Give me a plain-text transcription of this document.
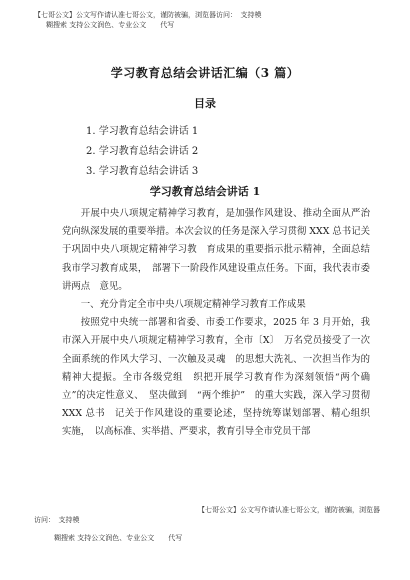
【七哥公文】公文写作请认准七哥公文，谨防被骗，浏览器访问：　支持模
糊搜索 支持公文润色、专业公文　　代写
学习教育总结会讲话汇编（3 篇）
目录
1. 学习教育总结会讲话 1
2. 学习教育总结会讲话 2
3. 学习教育总结会讲话 3
学习教育总结会讲话 1

开展中央八项规定精神学习教育，是加强作风建设、推动全面从严治党向纵深发展的重要举措。本次会议的任务是深入学习贯彻 XXX 总书记关于巩固中央八项规定精神学习教　育成果的重要指示批示精神，全面总结我市学习教育成果，　部署下一阶段作风建设重点任务。下面，我代表市委讲两点　意见。

一、充分肯定全市中央八项规定精神学习教育工作成果

按照党中央统一部署和省委、市委工作要求，2025 年 3 月开始，我市深入开展中央八项规定精神学习教育，全市〔X〕　万名党员接受了一次全面系统的作风大学习、一次触及灵魂　的思想大洗礼、一次担当作为的精神大提振。全市各级党组　织把开展学习教育作为深刻领悟“两个确立”的决定性意义、　坚决做到　“两个维护”　的重大实践，深入学习贯彻 XXX 总书　记关于作风建设的重要论述，坚持统筹谋划部署、精心组织　实施，　以高标准、实举措、严要求，教育引导全市党员干部

【七哥公文】公文写作请认准七哥公文，谨防被骗，浏览器
访问：　支持模
糊搜索 支持公文润色、专业公文　　代写
